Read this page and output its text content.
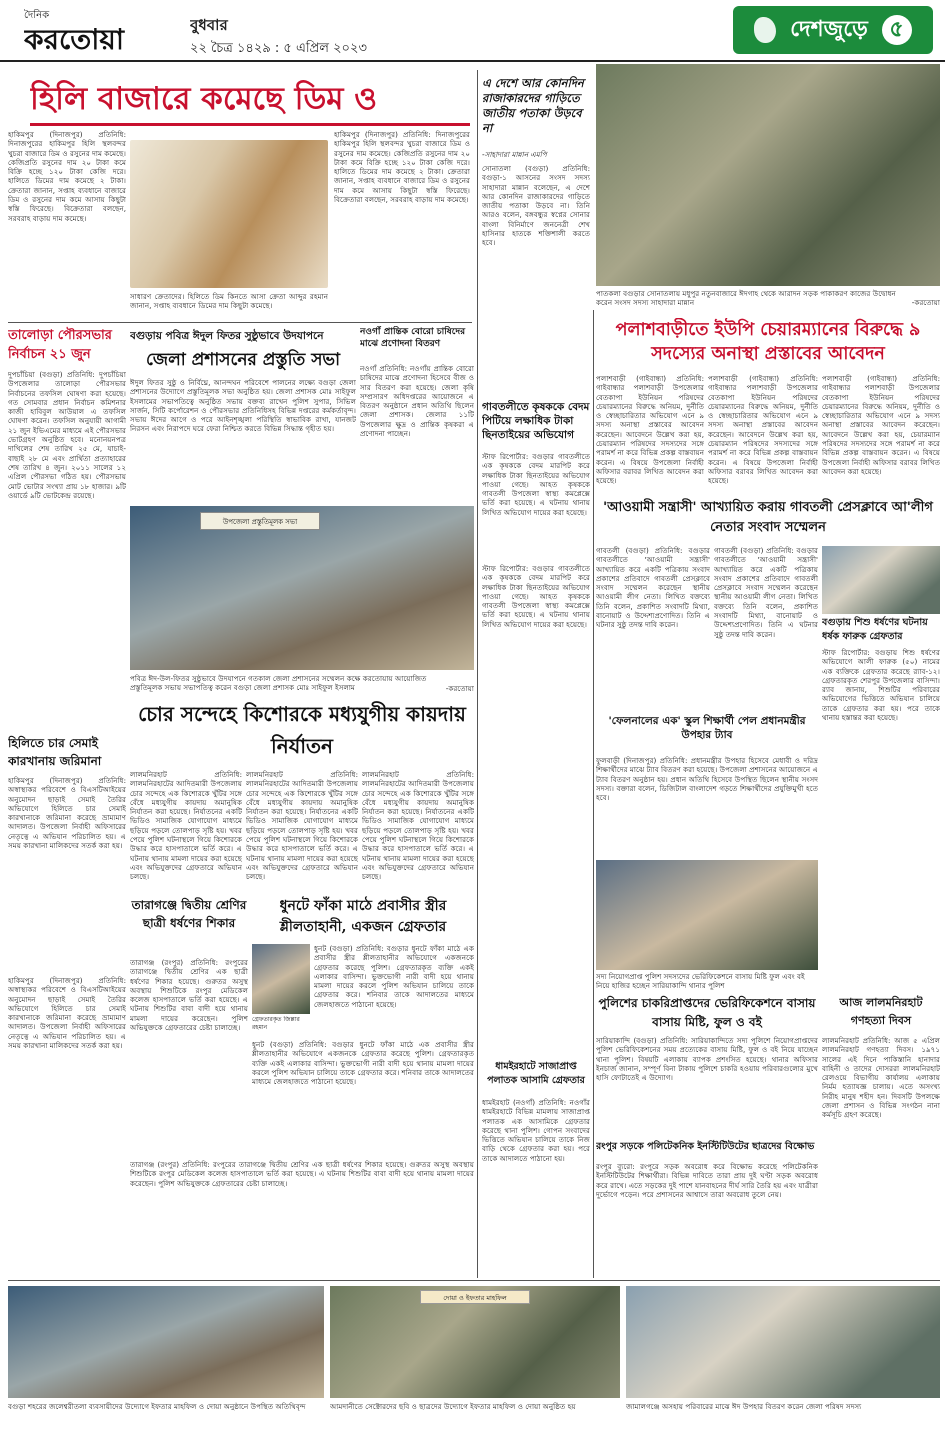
দৈনিক
করতোয়া	বুধবার
২২ চৈত্র ১৪২৯ : ৫ এপ্রিল ২০২৩
দেশজুড়ে ৫
হিলি বাজারে কমেছে ডিম ও
হাকিমপুর (দিনাজপুর) প্রতিনিধি: দিনাজপুরের হাকিমপুর হিলি স্থলবন্দর খুচরা বাজারে ডিম ও রসুনের দাম কমেছে। কেজিপ্রতি রসুনের দাম ২০ টাকা কমে বিক্রি হচ্ছে ১২০ টাকা কেজি দরে। হালিতে ডিমের দাম কমেছে ২ টাকা। ক্রেতারা জানান, সপ্তাহ ব্যবধানে বাজারে ডিম ও রসুনের দাম কমে আসায় কিছুটা স্বস্তি ফিরেছে। বিক্রেতারা বলছেন, সরবরাহ বাড়ায় দাম কমেছে।
সাধারণ ক্রেতাদের। হিলিতে ডিম কিনতে আসা ক্রেতা আব্দুর রহমান জানান, সপ্তাহ ব্যবধানে ডিমের দাম কিছুটা কমেছে।
হাকিমপুর (দিনাজপুর) প্রতিনিধি: দিনাজপুরের হাকিমপুর হিলি স্থলবন্দর খুচরা বাজারে ডিম ও রসুনের দাম কমেছে। কেজিপ্রতি রসুনের দাম ২০ টাকা কমে বিক্রি হচ্ছে ১২০ টাকা কেজি দরে। হালিতে ডিমের দাম কমেছে ২ টাকা। ক্রেতারা জানান, সপ্তাহ ব্যবধানে বাজারে ডিম ও রসুনের দাম কমে আসায় কিছুটা স্বস্তি ফিরেছে। বিক্রেতারা বলছেন, সরবরাহ বাড়ায় দাম কমেছে।
এ দেশে আর কোনদিন রাজাকারদের গাড়িতে জাতীয় পতাকা উড়বে না
-সাহাদারা মান্নান এমপি
সোনাতলা (বগুড়া) প্রতিনিধি: বগুড়া-১ আসনের সংসদ সদস্য সাহাদারা মান্নান বলেছেন, এ দেশে আর কোনদিন রাজাকারদের গাড়িতে জাতীয় পতাকা উড়বে না। তিনি আরও বলেন, বঙ্গবন্ধুর স্বপ্নের সোনার বাংলা বিনির্মাণে জননেত্রী শেখ হাসিনার হাতকে শক্তিশালী করতে হবে।
পাতকলা বগুড়ার সোনাতলায় মধুপুর নতুনবাজারে ঈদগাহ থেকে আরাদন সড়ক পাকাকরণ কাজের উদ্বোধন করেন সংসদ সদস্য সাহাদারা মান্নান	-করতোয়া
পলাশবাড়ীতে ইউপি চেয়ারম্যানের বিরুদ্ধে ৯ সদস্যের অনাস্থা প্রস্তাবের আবেদন
পলাশবাড়ী (গাইবান্ধা) প্রতিনিধি: গাইবান্ধার পলাশবাড়ী উপজেলার বেতকাপা ইউনিয়ন পরিষদের চেয়ারম্যানের বিরুদ্ধে অনিয়ম, দুর্নীতি ও স্বেচ্ছাচারিতার অভিযোগ এনে ৯ সদস্য অনাস্থা প্রস্তাবের আবেদন করেছেন। আবেদনে উল্লেখ করা হয়, চেয়ারম্যান পরিষদের সদস্যদের সঙ্গে পরামর্শ না করে বিভিন্ন প্রকল্প বাস্তবায়ন করেন। এ বিষয়ে উপজেলা নির্বাহী অফিসার বরাবর লিখিত আবেদন করা হয়েছে।
পলাশবাড়ী (গাইবান্ধা) প্রতিনিধি: গাইবান্ধার পলাশবাড়ী উপজেলার বেতকাপা ইউনিয়ন পরিষদের চেয়ারম্যানের বিরুদ্ধে অনিয়ম, দুর্নীতি ও স্বেচ্ছাচারিতার অভিযোগ এনে ৯ সদস্য অনাস্থা প্রস্তাবের আবেদন করেছেন। আবেদনে উল্লেখ করা হয়, চেয়ারম্যান পরিষদের সদস্যদের সঙ্গে পরামর্শ না করে বিভিন্ন প্রকল্প বাস্তবায়ন করেন। এ বিষয়ে উপজেলা নির্বাহী অফিসার বরাবর লিখিত আবেদন করা হয়েছে।
পলাশবাড়ী (গাইবান্ধা) প্রতিনিধি: গাইবান্ধার পলাশবাড়ী উপজেলার বেতকাপা ইউনিয়ন পরিষদের চেয়ারম্যানের বিরুদ্ধে অনিয়ম, দুর্নীতি ও স্বেচ্ছাচারিতার অভিযোগ এনে ৯ সদস্য অনাস্থা প্রস্তাবের আবেদন করেছেন। আবেদনে উল্লেখ করা হয়, চেয়ারম্যান পরিষদের সদস্যদের সঙ্গে পরামর্শ না করে বিভিন্ন প্রকল্প বাস্তবায়ন করেন। এ বিষয়ে উপজেলা নির্বাহী অফিসার বরাবর লিখিত আবেদন করা হয়েছে।
তালোড়া পৌরসভার নির্বাচন ২১ জুন
দুপচাঁচিয়া (বগুড়া) প্রতিনিধি: দুপচাঁচিয়া উপজেলার তালোড়া পৌরসভার নির্বাচনের তফসিল ঘোষণা করা হয়েছে। গত সোমবার প্রধান নির্বাচন কমিশনার কাজী হাবিবুল আউয়াল এ তফসিল ঘোষণা করেন। তফসিল অনুযায়ী আগামী ২১ জুন ইভিএমের মাধ্যমে এই পৌরসভার ভোটগ্রহণ অনুষ্ঠিত হবে। মনোনয়নপত্র দাখিলের শেষ তারিখ ২৫ মে, যাচাই-বাছাই ২৮ মে এবং প্রার্থিতা প্রত্যাহারের শেষ তারিখ ৪ জুন। ২০১১ সালের ১২ এপ্রিল পৌরসভা গঠিত হয়। পৌরসভায় মোট ভোটার সংখ্যা প্রায় ১৮ হাজার। ৯টি ওয়ার্ডে ৯টি ভোটকেন্দ্র রয়েছে।
বগুড়ায় পবিত্র ঈদুল ফিতর সুষ্ঠুভাবে উদযাপনে
জেলা প্রশাসনের প্রস্তুতি সভা
ঈদুল ফিতর সুষ্ঠু ও নির্বিঘ্নে, আনন্দঘন পরিবেশে পালনের লক্ষ্যে বগুড়া জেলা প্রশাসনের উদ্যোগে প্রস্তুতিমূলক সভা অনুষ্ঠিত হয়। জেলা প্রশাসক মোঃ সাইফুল ইসলামের সভাপতিত্বে অনুষ্ঠিত সভায় বক্তব্য রাখেন পুলিশ সুপার, সিভিল সার্জন, সিটি কর্পোরেশন ও পৌরসভার প্রতিনিধিসহ বিভিন্ন দপ্তরের কর্মকর্তাবৃন্দ। সভায় ঈদের আগে ও পরে আইনশৃঙ্খলা পরিস্থিতি স্বাভাবিক রাখা, যানজট নিরসন এবং নিরাপদে ঘরে ফেরা নিশ্চিত করতে বিভিন্ন সিদ্ধান্ত গৃহীত হয়।
নওগাঁ প্রান্তিক বোরো চাষিদের মাঝে প্রণোদনা বিতরণ
নওগাঁ প্রতিনিধি: নওগাঁয় প্রান্তিক বোরো চাষিদের মাঝে প্রণোদনা হিসেবে বীজ ও সার বিতরণ করা হয়েছে। জেলা কৃষি সম্প্রসারণ অধিদপ্তরের আয়োজনে এ বিতরণ অনুষ্ঠানে প্রধান অতিথি ছিলেন জেলা প্রশাসক। জেলার ১১টি উপজেলার ক্ষুদ্র ও প্রান্তিক কৃষকরা এ প্রণোদনা পাচ্ছেন।
গাবতলীতে কৃষককে বেদম পিটিয়ে লক্ষাধিক টাকা ছিনতাইয়ের অভিযোগ
স্টাফ রিপোর্টার: বগুড়ার গাবতলীতে এক কৃষককে বেদম মারপিট করে লক্ষাধিক টাকা ছিনতাইয়ের অভিযোগ পাওয়া গেছে। আহত কৃষককে গাবতলী উপজেলা স্বাস্থ্য কমপ্লেক্সে ভর্তি করা হয়েছে। এ ঘটনায় থানায় লিখিত অভিযোগ দায়ের করা হয়েছে।
উপজেলা প্রস্তুতিমূলক সভা
পবিত্র ঈদ-উল-ফিতর সুষ্ঠুভাবে উদযাপনে গতকাল জেলা প্রশাসনের সম্মেলন কক্ষে করতোয়ায় আয়োজিত প্রস্তুতিমূলক সভায় সভাপতিত্ব করেন বগুড়া জেলা প্রশাসক মোঃ সাইফুল ইসলাম	-করতোয়া
'আওয়ামী সন্ত্রাসী' আখ্যায়িত করায় গাবতলী প্রেসক্লাবে আ'লীগ নেতার সংবাদ সম্মেলন
গাবতলী (বগুড়া) প্রতিনিধি: বগুড়ার গাবতলীতে 'আওয়ামী সন্ত্রাসী' আখ্যায়িত করে একটি পত্রিকায় সংবাদ প্রকাশের প্রতিবাদে গাবতলী প্রেসক্লাবে সংবাদ সম্মেলন করেছেন স্থানীয় আওয়ামী লীগ নেতা। লিখিত বক্তব্যে তিনি বলেন, প্রকাশিত সংবাদটি মিথ্যা, বানোয়াট ও উদ্দেশ্যপ্রণোদিত। তিনি এ ঘটনার সুষ্ঠু তদন্ত দাবি করেন।
গাবতলী (বগুড়া) প্রতিনিধি: বগুড়ার গাবতলীতে 'আওয়ামী সন্ত্রাসী' আখ্যায়িত করে একটি পত্রিকায় সংবাদ প্রকাশের প্রতিবাদে গাবতলী প্রেসক্লাবে সংবাদ সম্মেলন করেছেন স্থানীয় আওয়ামী লীগ নেতা। লিখিত বক্তব্যে তিনি বলেন, প্রকাশিত সংবাদটি মিথ্যা, বানোয়াট ও উদ্দেশ্যপ্রণোদিত। তিনি এ ঘটনার সুষ্ঠু তদন্ত দাবি করেন।
বগুড়ায় শিশু ধর্ষণের ঘটনায় ধর্ষক ফারুক গ্রেফতার
স্টাফ রিপোর্টার: বগুড়ায় শিশু ধর্ষণের অভিযোগে আলী ফারুক (৫০) নামের এক ব্যক্তিকে গ্রেফতার করেছে র‍্যাব-১২। গ্রেফতারকৃত শেরপুর উপজেলার বাসিন্দা। র‍্যাব জানায়, শিশুটির পরিবারের অভিযোগের ভিত্তিতে অভিযান চালিয়ে তাকে গ্রেফতার করা হয়। পরে তাকে থানায় হস্তান্তর করা হয়েছে।
চোর সন্দেহে কিশোরকে মধ্যযুগীয় কায়দায় নির্যাতন
লালমনিরহাট প্রতিনিধি: লালমনিরহাটের আদিতমারী উপজেলায় চোর সন্দেহে এক কিশোরকে খুঁটির সঙ্গে বেঁধে মধ্যযুগীয় কায়দায় অমানুষিক নির্যাতন করা হয়েছে। নির্যাতনের একটি ভিডিও সামাজিক যোগাযোগ মাধ্যমে ছড়িয়ে পড়লে তোলপাড় সৃষ্টি হয়। খবর পেয়ে পুলিশ ঘটনাস্থলে গিয়ে কিশোরকে উদ্ধার করে হাসপাতালে ভর্তি করে। এ ঘটনায় থানায় মামলা দায়ের করা হয়েছে এবং অভিযুক্তদের গ্রেফতারে অভিযান চলছে।
লালমনিরহাট প্রতিনিধি: লালমনিরহাটের আদিতমারী উপজেলায় চোর সন্দেহে এক কিশোরকে খুঁটির সঙ্গে বেঁধে মধ্যযুগীয় কায়দায় অমানুষিক নির্যাতন করা হয়েছে। নির্যাতনের একটি ভিডিও সামাজিক যোগাযোগ মাধ্যমে ছড়িয়ে পড়লে তোলপাড় সৃষ্টি হয়। খবর পেয়ে পুলিশ ঘটনাস্থলে গিয়ে কিশোরকে উদ্ধার করে হাসপাতালে ভর্তি করে। এ ঘটনায় থানায় মামলা দায়ের করা হয়েছে এবং অভিযুক্তদের গ্রেফতারে অভিযান চলছে।
লালমনিরহাট প্রতিনিধি: লালমনিরহাটের আদিতমারী উপজেলায় চোর সন্দেহে এক কিশোরকে খুঁটির সঙ্গে বেঁধে মধ্যযুগীয় কায়দায় অমানুষিক নির্যাতন করা হয়েছে। নির্যাতনের একটি ভিডিও সামাজিক যোগাযোগ মাধ্যমে ছড়িয়ে পড়লে তোলপাড় সৃষ্টি হয়। খবর পেয়ে পুলিশ ঘটনাস্থলে গিয়ে কিশোরকে উদ্ধার করে হাসপাতালে ভর্তি করে। এ ঘটনায় থানায় মামলা দায়ের করা হয়েছে এবং অভিযুক্তদের গ্রেফতারে অভিযান চলছে।
'ফেলনালের এক' স্কুল শিক্ষার্থী পেল প্রধানমন্ত্রীর উপহার ট্যাব
ফুলবাড়ী (দিনাজপুর) প্রতিনিধি: প্রধানমন্ত্রীর উপহার হিসেবে মেধাবী ও দরিদ্র শিক্ষার্থীদের মাঝে ট্যাব বিতরণ করা হয়েছে। উপজেলা প্রশাসনের আয়োজনে এ ট্যাব বিতরণ অনুষ্ঠান হয়। প্রধান অতিথি হিসেবে উপস্থিত ছিলেন স্থানীয় সংসদ সদস্য। বক্তারা বলেন, ডিজিটাল বাংলাদেশ গড়তে শিক্ষার্থীদের প্রযুক্তিমুখী হতে হবে।
স্টাফ রিপোর্টার: বগুড়ার গাবতলীতে এক কৃষককে বেদম মারপিট করে লক্ষাধিক টাকা ছিনতাইয়ের অভিযোগ পাওয়া গেছে। আহত কৃষককে গাবতলী উপজেলা স্বাস্থ্য কমপ্লেক্সে ভর্তি করা হয়েছে। এ ঘটনায় থানায় লিখিত অভিযোগ দায়ের করা হয়েছে।
হিলিতে চার সেমাই কারখানায় জরিমানা
হাকিমপুর (দিনাজপুর) প্রতিনিধি: অস্বাস্থ্যকর পরিবেশে ও বিএসটিআইয়ের অনুমোদন ছাড়াই সেমাই তৈরির অভিযোগে হিলিতে চার সেমাই কারখানাকে জরিমানা করেছে ভ্রাম্যমাণ আদালত। উপজেলা নির্বাহী অফিসারের নেতৃত্বে এ অভিযান পরিচালিত হয়। এ সময় কারখানা মালিকদের সতর্ক করা হয়।
তারাগঞ্জে দ্বিতীয় শ্রেণির ছাত্রী ধর্ষণের শিকার
তারাগঞ্জ (রংপুর) প্রতিনিধি: রংপুরের তারাগঞ্জে দ্বিতীয় শ্রেণির এক ছাত্রী ধর্ষণের শিকার হয়েছে। গুরুতর অসুস্থ অবস্থায় শিশুটিকে রংপুর মেডিকেল কলেজ হাসপাতালে ভর্তি করা হয়েছে। এ ঘটনায় শিশুটির বাবা বাদী হয়ে থানায় মামলা দায়ের করেছেন। পুলিশ অভিযুক্তকে গ্রেফতারের চেষ্টা চালাচ্ছে।
ধুনটে ফাঁকা মাঠে প্রবাসীর স্ত্রীর শ্লীলতাহানী, একজন গ্রেফতার
গ্রেফতারকৃত জিল্লার রহমান
ধুনট (বগুড়া) প্রতিনিধি: বগুড়ার ধুনটে ফাঁকা মাঠে এক প্রবাসীর স্ত্রীর শ্লীলতাহানীর অভিযোগে একজনকে গ্রেফতার করেছে পুলিশ। গ্রেফতারকৃত ব্যক্তি একই এলাকার বাসিন্দা। ভুক্তভোগী নারী বাদী হয়ে থানায় মামলা দায়ের করলে পুলিশ অভিযান চালিয়ে তাকে গ্রেফতার করে। শনিবার তাকে আদালতের মাধ্যমে জেলহাজতে পাঠানো হয়েছে।
ধুনট (বগুড়া) প্রতিনিধি: বগুড়ার ধুনটে ফাঁকা মাঠে এক প্রবাসীর স্ত্রীর শ্লীলতাহানীর অভিযোগে একজনকে গ্রেফতার করেছে পুলিশ। গ্রেফতারকৃত ব্যক্তি একই এলাকার বাসিন্দা। ভুক্তভোগী নারী বাদী হয়ে থানায় মামলা দায়ের করলে পুলিশ অভিযান চালিয়ে তাকে গ্রেফতার করে। শনিবার তাকে আদালতের মাধ্যমে জেলহাজতে পাঠানো হয়েছে।
সদ্য নিয়োগপ্রাপ্ত পুলিশ সদস্যদের ভেরিফিকেশনে বাসায় মিষ্টি ফুল এবং বই নিয়ে হাজির হচ্ছেন সারিয়াকান্দি থানার পুলিশ
পুলিশের চাকরিপ্রাপ্তদের ভেরিফিকেশনে বাসায় বাসায় মিষ্টি, ফুল ও বই
সারিয়াকান্দি (বগুড়া) প্রতিনিধি: সারিয়াকান্দিতে সদ্য পুলিশে নিয়োগপ্রাপ্তদের পুলিশ ভেরিফিকেশনের সময় প্রত্যেকের বাসায় মিষ্টি, ফুল ও বই নিয়ে যাচ্ছেন থানা পুলিশ। বিষয়টি এলাকায় ব্যাপক প্রশংসিত হয়েছে। থানার অফিসার ইনচার্জ জানান, সম্পূর্ণ বিনা টাকায় পুলিশে চাকরি হওয়ায় পরিবারগুলোর মুখে হাসি ফোটাতেই এ উদ্যোগ।
আজ লালমনিরহাট গণহত্যা দিবস
লালমনিরহাট প্রতিনিধি: আজ ৫ এপ্রিল লালমনিরহাট গণহত্যা দিবস। ১৯৭১ সালের এই দিনে পাকিস্তানি হানাদার বাহিনী ও তাদের দোসররা লালমনিরহাট রেলওয়ে বিভাগীয় কার্যালয় এলাকায় নির্মম হত্যাযজ্ঞ চালায়। এতে অসংখ্য নিরীহ মানুষ শহীদ হন। দিবসটি উপলক্ষে জেলা প্রশাসন ও বিভিন্ন সংগঠন নানা কর্মসূচি গ্রহণ করেছে।
ধামইরহাটে সাজাপ্রাপ্ত পলাতক আসামি গ্রেফতার
ধামইরহাট (নওগাঁ) প্রতিনিধি: নওগাঁর ধামইরহাটে বিভিন্ন মামলায় সাজাপ্রাপ্ত পলাতক এক আসামিকে গ্রেফতার করেছে থানা পুলিশ। গোপন সংবাদের ভিত্তিতে অভিযান চালিয়ে তাকে নিজ বাড়ি থেকে গ্রেফতার করা হয়। পরে তাকে আদালতে পাঠানো হয়।
রংপুর সড়কে পলিটেকনিক ইনস্টিটিউটের ছাত্রদের বিক্ষোভ
রংপুর ব্যুরো: রংপুরে সড়ক অবরোধ করে বিক্ষোভ করেছে পলিটেকনিক ইনস্টিটিউটের শিক্ষার্থীরা। বিভিন্ন দাবিতে তারা প্রায় দুই ঘণ্টা সড়ক অবরোধ করে রাখে। এতে সড়কের দুই পাশে যানবাহনের দীর্ঘ সারি তৈরি হয় এবং যাত্রীরা দুর্ভোগে পড়েন। পরে প্রশাসনের আশ্বাসে তারা অবরোধ তুলে নেয়।
হাকিমপুর (দিনাজপুর) প্রতিনিধি: অস্বাস্থ্যকর পরিবেশে ও বিএসটিআইয়ের অনুমোদন ছাড়াই সেমাই তৈরির অভিযোগে হিলিতে চার সেমাই কারখানাকে জরিমানা করেছে ভ্রাম্যমাণ আদালত। উপজেলা নির্বাহী অফিসারের নেতৃত্বে এ অভিযান পরিচালিত হয়। এ সময় কারখানা মালিকদের সতর্ক করা হয়।
তারাগঞ্জ (রংপুর) প্রতিনিধি: রংপুরের তারাগঞ্জে দ্বিতীয় শ্রেণির এক ছাত্রী ধর্ষণের শিকার হয়েছে। গুরুতর অসুস্থ অবস্থায় শিশুটিকে রংপুর মেডিকেল কলেজ হাসপাতালে ভর্তি করা হয়েছে। এ ঘটনায় শিশুটির বাবা বাদী হয়ে থানায় মামলা দায়ের করেছেন। পুলিশ অভিযুক্তকে গ্রেফতারের চেষ্টা চালাচ্ছে।
দোয়া ও ইফতার মাহফিল
বগুড়া শহরের জলেশ্বরীতলা ব্যবসায়ীদের উদ্যোগে ইফতার মাহফিল ও দোয়া অনুষ্ঠানে উপস্থিত অতিথিবৃন্দ	আমদানীতে সেক্টোরদের ছবি ও ছাত্রদের উদ্যোগে ইফতার মাহফিল ও দোয়া অনুষ্ঠিত হয়	জামালগঞ্জে অসহায় পরিবারের মাঝে ঈদ উপহার বিতরণ করেন জেলা পরিষদ সদস্য
